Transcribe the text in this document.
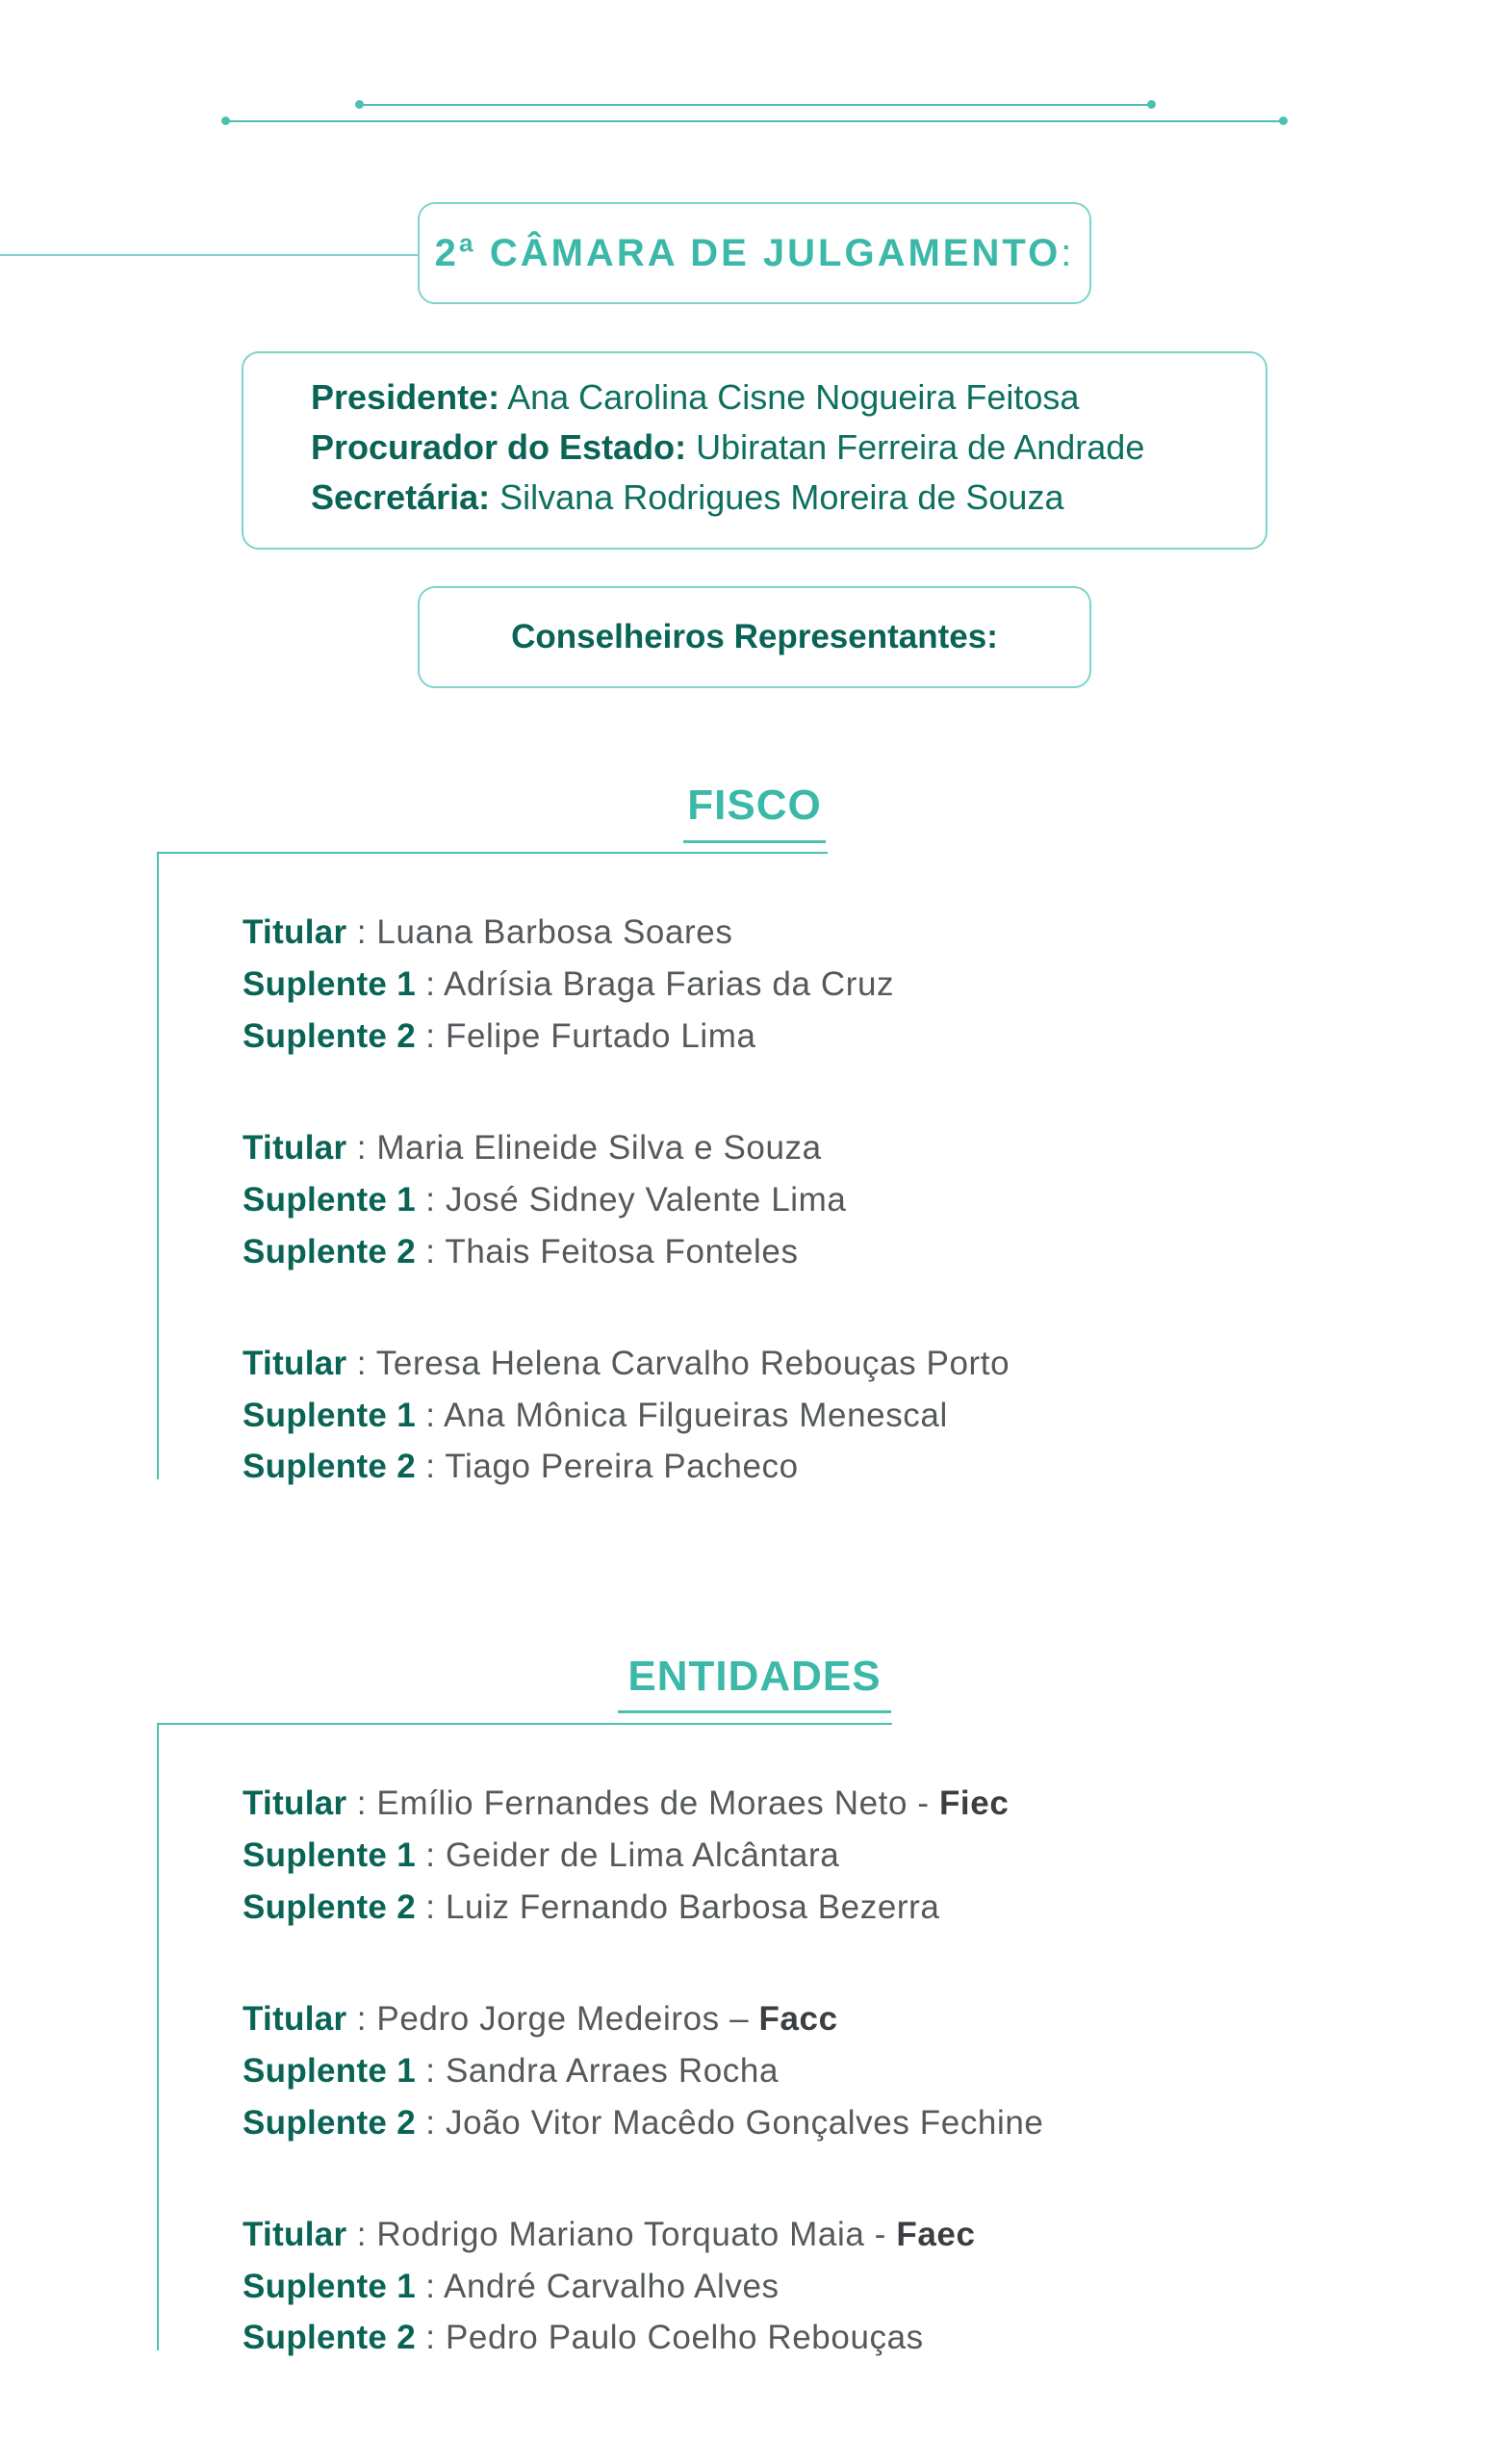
2ª CÂMARA DE JULGAMENTO:
Presidente: Ana Carolina Cisne Nogueira Feitosa
Procurador do Estado: Ubiratan Ferreira de Andrade
Secretária: Silvana Rodrigues Moreira de Souza
Conselheiros Representantes:
FISCO
Titular : Luana Barbosa Soares
Suplente 1 : Adrísia Braga Farias da Cruz
Suplente 2 : Felipe Furtado Lima
Titular : Maria Elineide Silva e Souza
Suplente 1 : José Sidney Valente Lima
Suplente 2 : Thais Feitosa Fonteles
Titular : Teresa Helena Carvalho Rebouças Porto
Suplente 1 : Ana Mônica Filgueiras Menescal
Suplente 2 : Tiago Pereira Pacheco
ENTIDADES
Titular : Emílio Fernandes de Moraes Neto - Fiec
Suplente 1 : Geider de Lima Alcântara
Suplente 2 : Luiz Fernando Barbosa Bezerra
Titular : Pedro Jorge Medeiros – Facc
Suplente 1 : Sandra Arraes Rocha
Suplente 2 : João Vitor Macêdo Gonçalves Fechine
Titular : Rodrigo Mariano Torquato Maia - Faec
Suplente 1 : André Carvalho Alves
Suplente 2 : Pedro Paulo Coelho Rebouças
